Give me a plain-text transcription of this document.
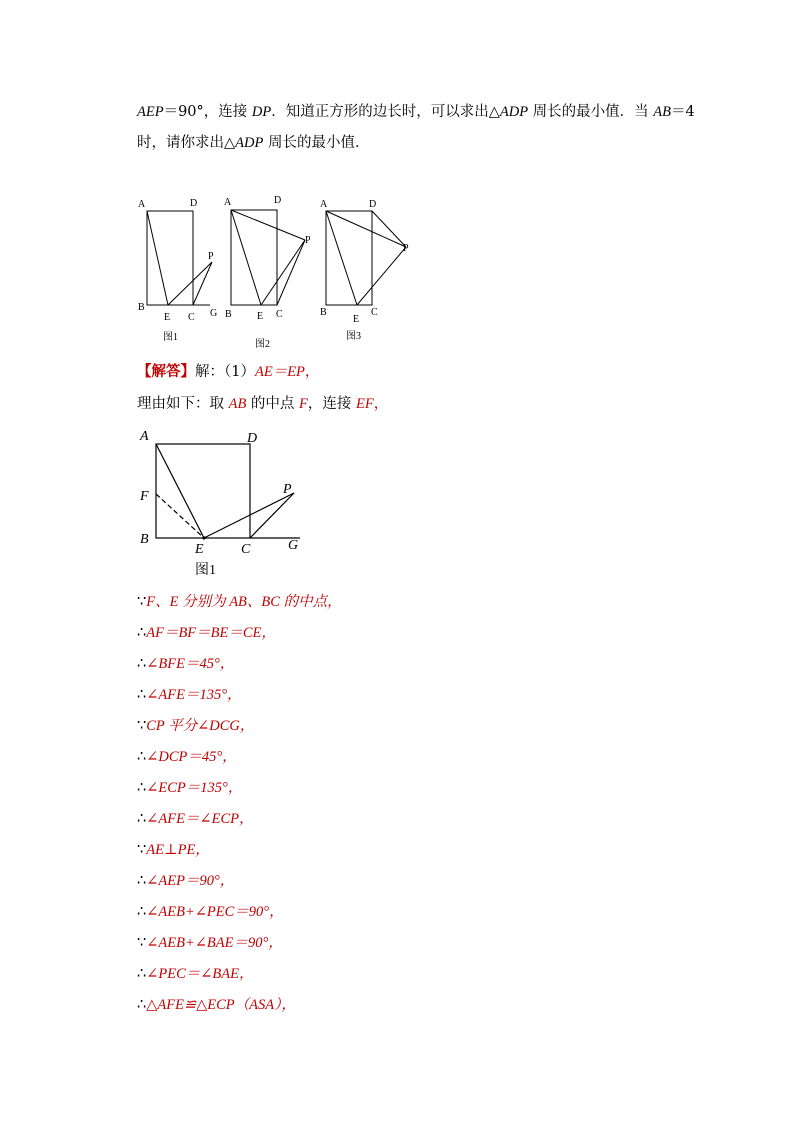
AEP＝90°，连接 DP．知道正方形的边长时，可以求出△ADP 周长的最小值．当 AB＝4
时，请你求出△ADP 周长的最小值．
A	D
P
B
E C G
图1
A	D
P
B	E C
图2
A	D
P
B
E
C
图3
【解答】解：（1）AE＝EP，
理由如下：取 AB 的中点 F，连接 EF，
A	D
F	P
B
E	C	G
图1
∵F、E 分别为 AB、BC 的中点，
∴AF＝BF＝BE＝CE，
∴∠BFE＝45°，
∴∠AFE＝135°，
∵CP 平分∠DCG，
∴∠DCP＝45°，
∴∠ECP＝135°，
∴∠AFE＝∠ECP，
∵AE⊥PE，
∴∠AEP＝90°，
∴∠AEB+∠PEC＝90°，
∵∠AEB+∠BAE＝90°，
∴∠PEC＝∠BAE，
∴△AFE≌△ECP（ASA），
